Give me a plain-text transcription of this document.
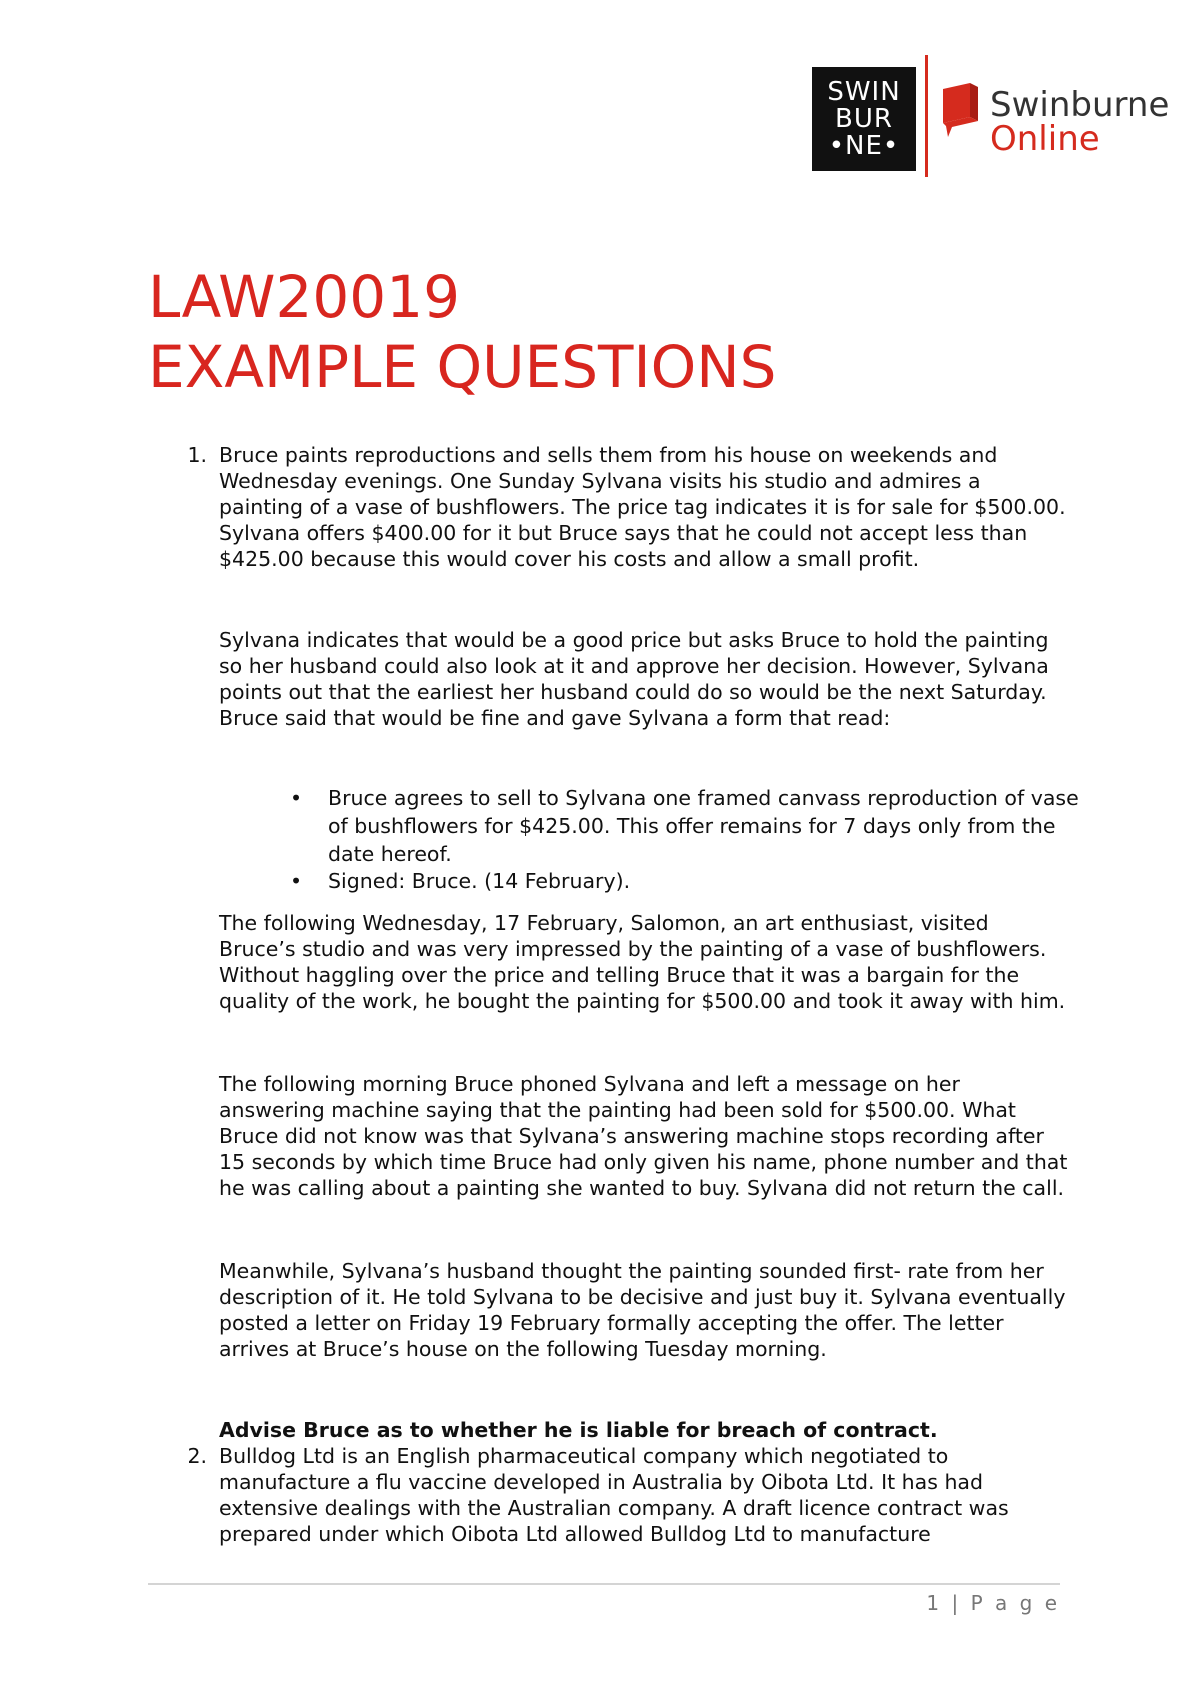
SWIN
BUR
•NE•
Swinburne
Online
LAW20019
EXAMPLE QUESTIONS
1. Bruce paints reproductions and sells them from his house on weekends and Wednesday evenings. One Sunday Sylvana visits his studio and admires a painting of a vase of bushflowers. The price tag indicates it is for sale for $500.00. Sylvana offers $400.00 for it but Bruce says that he could not accept less than $425.00 because this would cover his costs and allow a small profit.

Sylvana indicates that would be a good price but asks Bruce to hold the painting so her husband could also look at it and approve her decision. However, Sylvana points out that the earliest her husband could do so would be the next Saturday. Bruce said that would be fine and gave Sylvana a form that read:

• Bruce agrees to sell to Sylvana one framed canvass reproduction of vase of bushflowers for $425.00. This offer remains for 7 days only from the date hereof.
• Signed: Bruce. (14 February).

The following Wednesday, 17 February, Salomon, an art enthusiast, visited Bruce’s studio and was very impressed by the painting of a vase of bushflowers. Without haggling over the price and telling Bruce that it was a bargain for the quality of the work, he bought the painting for $500.00 and took it away with him.

The following morning Bruce phoned Sylvana and left a message on her answering machine saying that the painting had been sold for $500.00. What Bruce did not know was that Sylvana’s answering machine stops recording after 15 seconds by which time Bruce had only given his name, phone number and that he was calling about a painting she wanted to buy. Sylvana did not return the call.

Meanwhile, Sylvana’s husband thought the painting sounded first- rate from her description of it. He told Sylvana to be decisive and just buy it. Sylvana eventually posted a letter on Friday 19 February formally accepting the offer. The letter arrives at Bruce’s house on the following Tuesday morning.

Advise Bruce as to whether he is liable for breach of contract.

2. Bulldog Ltd is an English pharmaceutical company which negotiated to manufacture a flu vaccine developed in Australia by Oibota Ltd. It has had extensive dealings with the Australian company. A draft licence contract was prepared under which Oibota Ltd allowed Bulldog Ltd to manufacture

1 | P a g e
